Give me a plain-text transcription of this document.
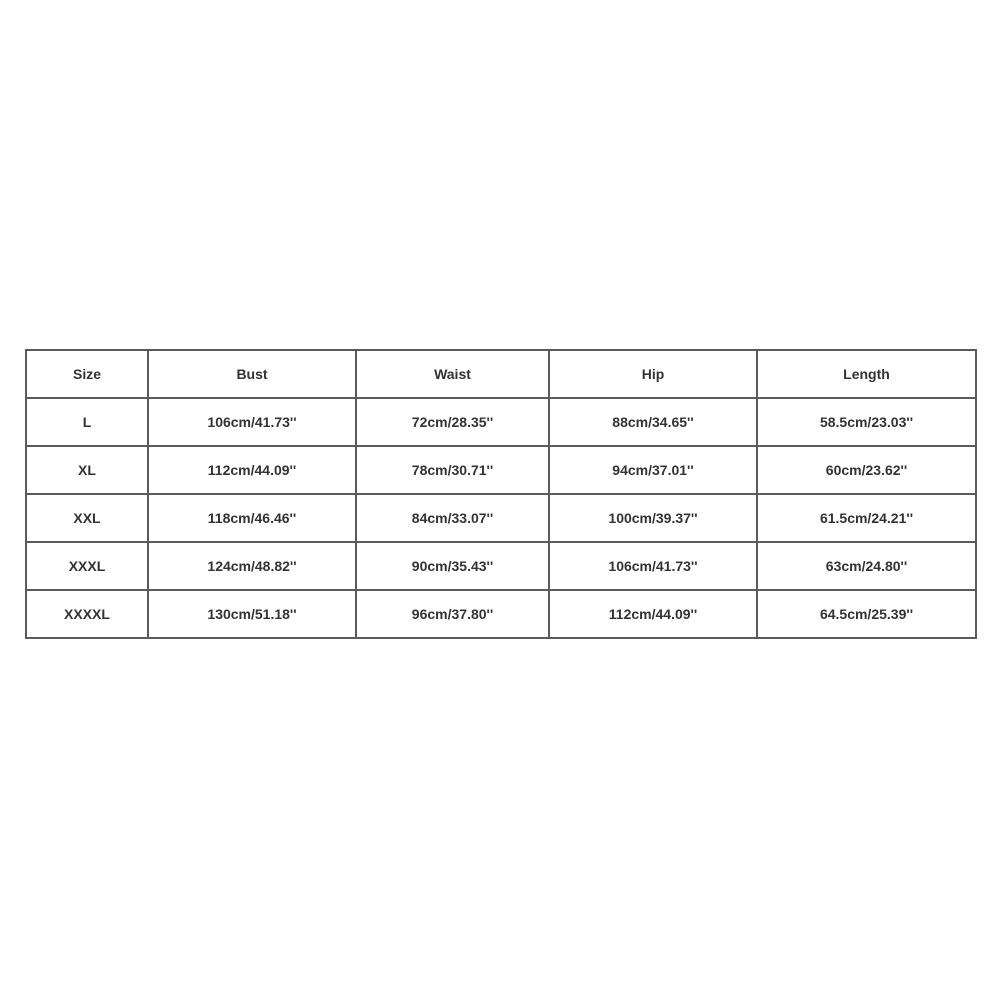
Size	Bust	Waist	Hip	Length
L	106cm/41.73''	72cm/28.35''	88cm/34.65''	58.5cm/23.03''
XL	112cm/44.09''	78cm/30.71''	94cm/37.01''	60cm/23.62''
XXL	118cm/46.46''	84cm/33.07''	100cm/39.37''	61.5cm/24.21''
XXXL	124cm/48.82''	90cm/35.43''	106cm/41.73''	63cm/24.80''
XXXXL	130cm/51.18''	96cm/37.80''	112cm/44.09''	64.5cm/25.39''
